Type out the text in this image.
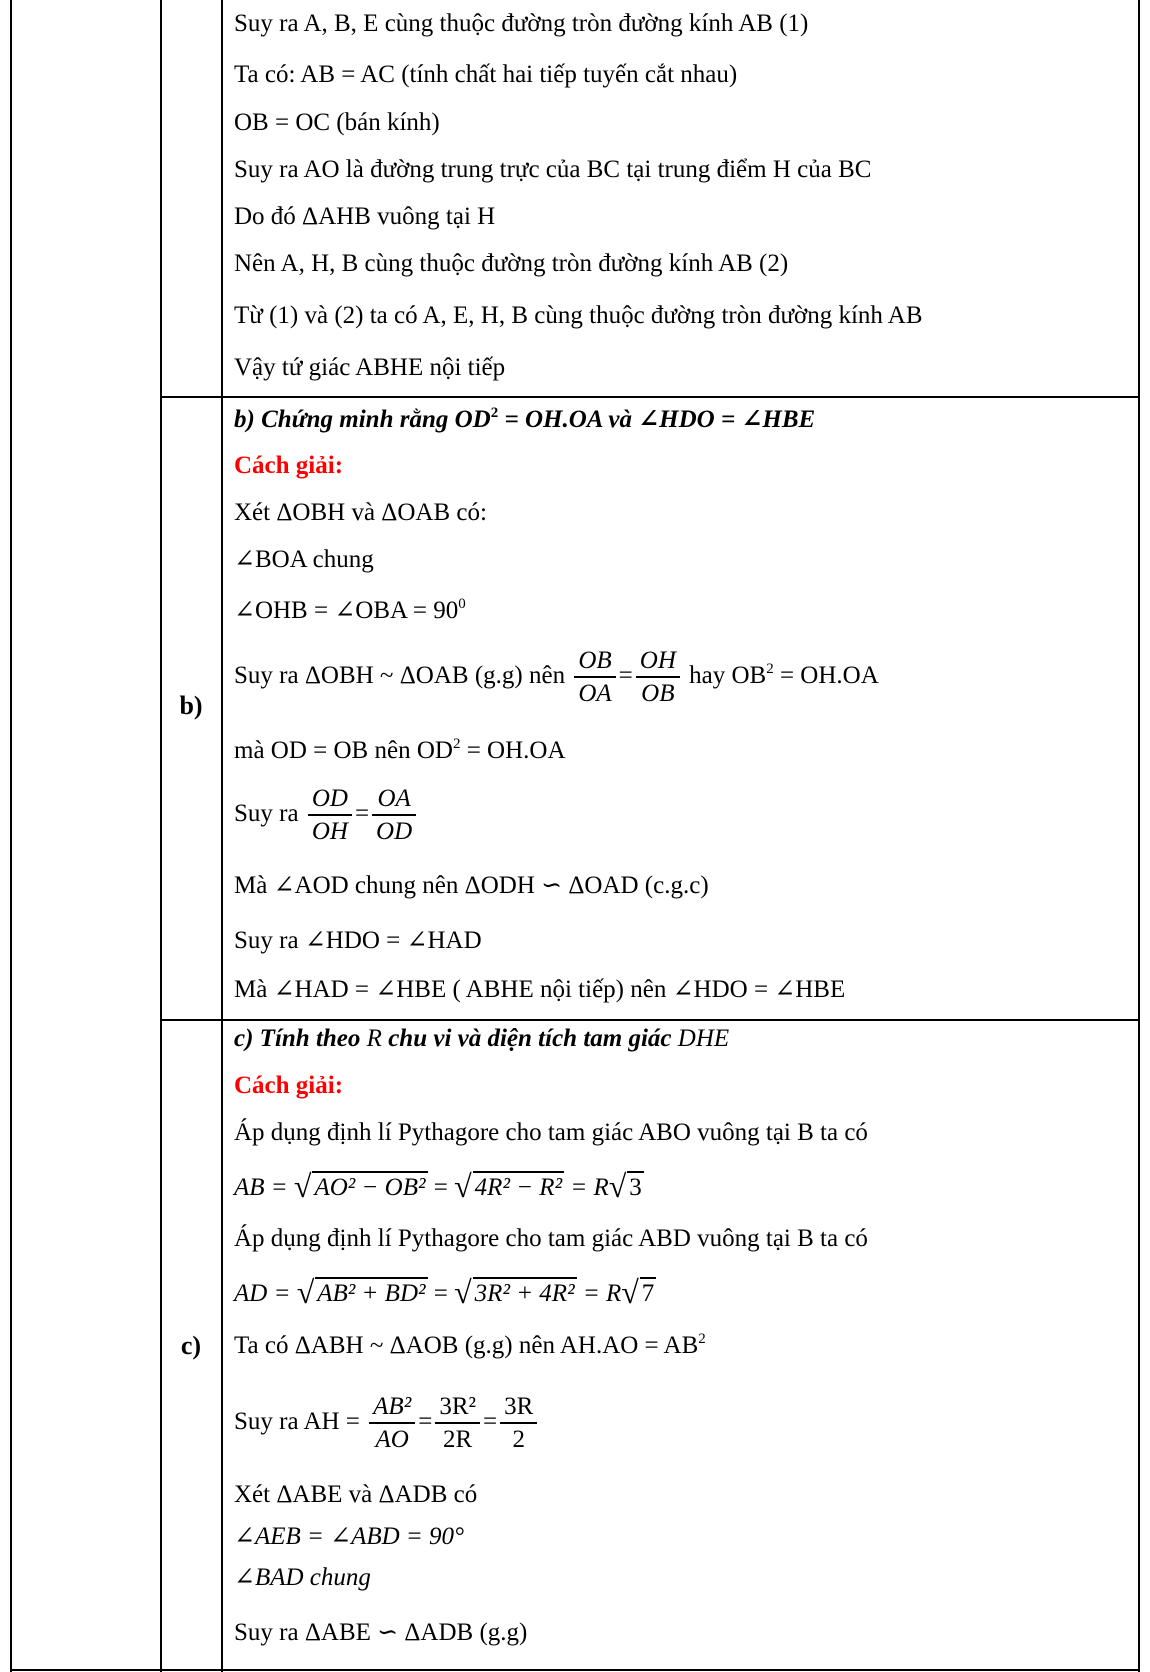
Suy ra A, B, E cùng thuộc đường tròn đường kính AB (1)
Ta có: AB = AC (tính chất hai tiếp tuyến cắt nhau)
OB = OC (bán kính)
Suy ra AO là đường trung trực của BC tại trung điểm H của BC
Do đó ΔAHB vuông tại H
Nên A, H, B cùng thuộc đường tròn đường kính AB (2)
Từ (1) và (2) ta có A, E, H, B cùng thuộc đường tròn đường kính AB
Vậy tứ giác ABHE nội tiếp
b)
b) Chứng minh rằng $OD^2 = OH.OA$ và ∠HDO = ∠HBE
Cách giải:
Xét ΔOBH và ΔOAB có:
∠BOA chung
∠OHB = ∠OBA = $90^0$
Suy ra ΔOBH ~ ΔOAB (g.g) nên $\frac{OB}{OA} = \frac{OH}{OB}$ hay $OB^2 = OH.OA$
mà OD = OB nên $OD^2 = OH.OA$
Suy ra $\frac{OD}{OH} = \frac{OA}{OD}$
Mà ∠AOD chung nên ΔODH ∽ ΔOAD (c.g.c)
Suy ra ∠HDO = ∠HAD
Mà ∠HAD = ∠HBE ( ABHE nội tiếp) nên ∠HDO = ∠HBE
c)
c) Tính theo R chu vi và diện tích tam giác DHE
Cách giải:
Áp dụng định lí Pythagore cho tam giác ABO vuông tại B ta có
AB = √ AO² − OB² = √ 4R² − R² = R√ 3
Áp dụng định lí Pythagore cho tam giác ABD vuông tại B ta có
AD = √ AB² + BD² = √ 3R² + 4R² = R√ 7
Ta có ΔABH ~ ΔAOB (g.g) nên $AH.AO = AB^2$
Suy ra AH = $\frac{\text{AB²}}{AO} = \frac{\text{3R²}}{2R} = \frac{3R}{2}$
Xét ΔABE và ΔADB có
∠AEB = ∠ABD = 90°
∠BAD chung
Suy ra ΔABE ∽ ΔADB (g.g)
